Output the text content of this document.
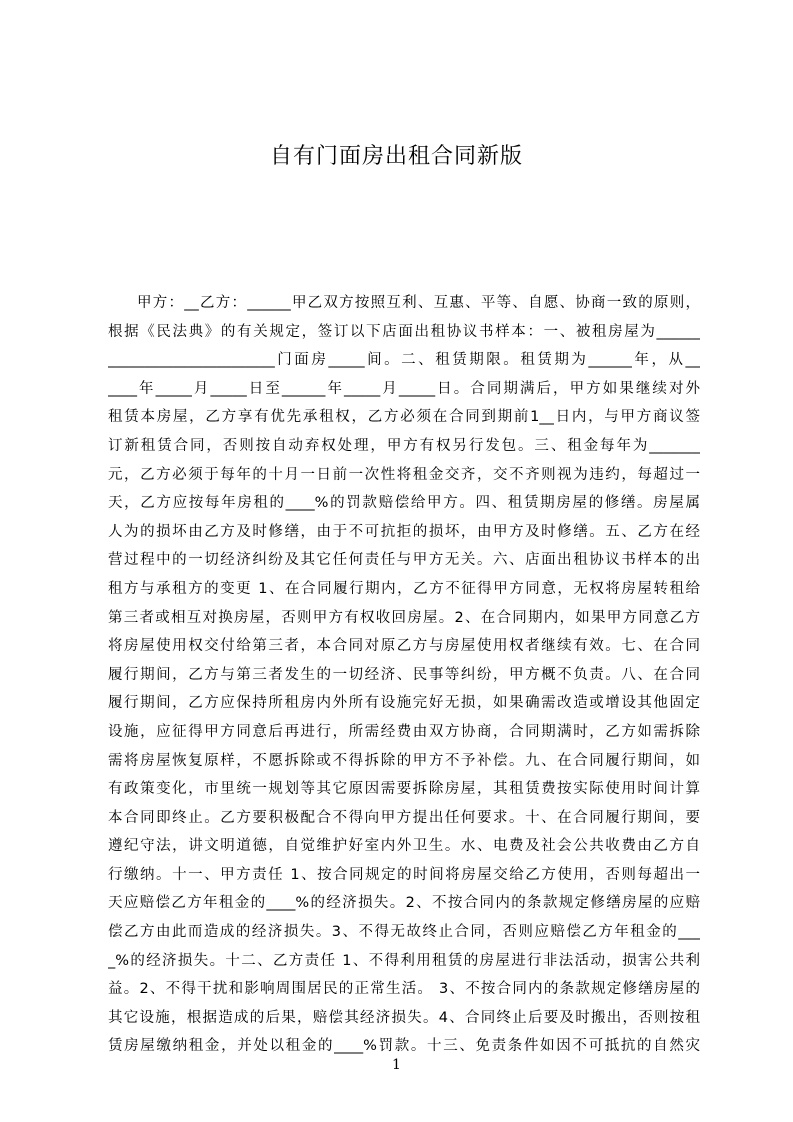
自有门面房出租合同新版
甲方：__乙方：______甲乙双方按照互利、互惠、平等、自愿、协商一致的原则，
根据《民法典》的有关规定，签订以下店面出租协议书样本：一、被租房屋为______
_______________________门面房_____间。二、租赁期限。租赁期为______年，从__
____年_____月_____日至______年_____月_____日。合同期满后，甲方如果继续对外
租赁本房屋，乙方享有优先承租权，乙方必须在合同到期前1__日内，与甲方商议签
订新租赁合同，否则按自动弃权处理，甲方有权另行发包。三、租金每年为_______
元，乙方必须于每年的十月一日前一次性将租金交齐，交不齐则视为违约，每超过一
天，乙方应按每年房租的____%的罚款赔偿给甲方。四、租赁期房屋的修缮。房屋属
人为的损坏由乙方及时修缮，由于不可抗拒的损坏，由甲方及时修缮。五、乙方在经
营过程中的一切经济纠纷及其它任何责任与甲方无关。六、店面出租协议书样本的出
租方与承租方的变更 1、在合同履行期内，乙方不征得甲方同意，无权将房屋转租给
第三者或相互对换房屋，否则甲方有权收回房屋。2、在合同期内，如果甲方同意乙方
将房屋使用权交付给第三者，本合同对原乙方与房屋使用权者继续有效。七、在合同
履行期间，乙方与第三者发生的一切经济、民事等纠纷，甲方概不负责。八、在合同
履行期间，乙方应保持所租房内外所有设施完好无损，如果确需改造或增设其他固定
设施，应征得甲方同意后再进行，所需经费由双方协商，合同期满时，乙方如需拆除
需将房屋恢复原样，不愿拆除或不得拆除的甲方不予补偿。九、在合同履行期间，如
有政策变化，市里统一规划等其它原因需要拆除房屋，其租赁费按实际使用时间计算
本合同即终止。乙方要积极配合不得向甲方提出任何要求。十、在合同履行期间，要
遵纪守法，讲文明道德，自觉维护好室内外卫生。水、电费及社会公共收费由乙方自
行缴纳。十一、甲方责任 1、按合同规定的时间将房屋交给乙方使用，否则每超出一
天应赔偿乙方年租金的____%的经济损失。2、不按合同内的条款规定修缮房屋的应赔
偿乙方由此而造成的经济损失。3、不得无故终止合同，否则应赔偿乙方年租金的___
_%的经济损失。十二、乙方责任 1、不得利用租赁的房屋进行非法活动，损害公共利
益。2、不得干扰和影响周围居民的正常生活。 3、不按合同内的条款规定修缮房屋的
其它设施，根据造成的后果，赔偿其经济损失。4、合同终止后要及时搬出，否则按租
赁房屋缴纳租金，并处以租金的____%罚款。十三、免责条件如因不可抵抗的自然灾
1
